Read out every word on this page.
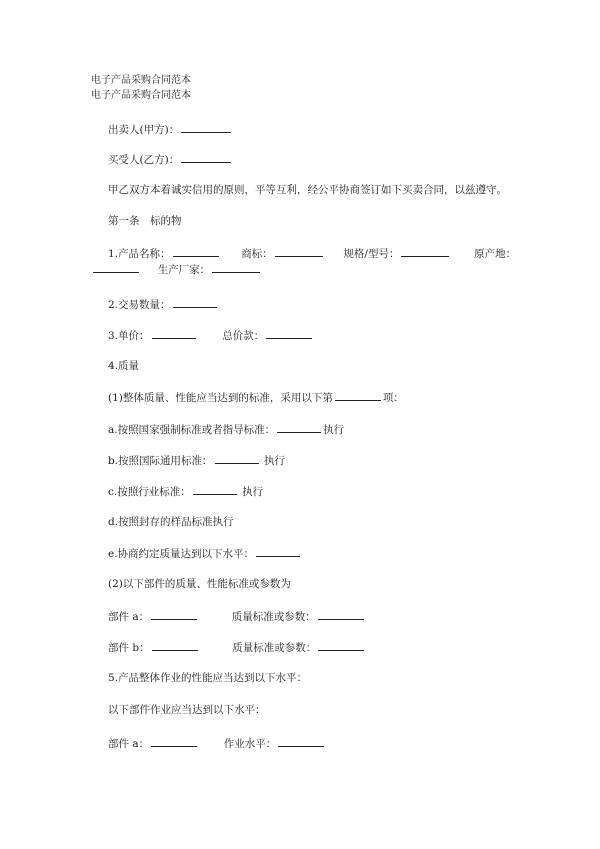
电子产品采购合同范本
电子产品采购合同范本
出卖人(甲方)：
买受人(乙方)：
甲乙双方本着诚实信用的原则，平等互利，经公平协商签订如下买卖合同，以兹遵守。
第一条　标的物
1.产品名称：	商标：	规格/型号：	原产地：
生产厂家：
2.交易数量：
3.单价：	总价款：
4.质量
(1)整体质量、性能应当达到的标准，采用以下第	项：
a.按照国家强制标准或者指导标准：	执行
b.按照国际通用标准：	执行
c.按照行业标准：	执行
d.按照封存的样品标准执行
e.协商约定质量达到以下水平：
(2)以下部件的质量、性能标准或参数为
部件 a：	质量标准或参数：
部件 b：	质量标准或参数：
5.产品整体作业的性能应当达到以下水平：
以下部件作业应当达到以下水平：
部件 a：	作业水平：
